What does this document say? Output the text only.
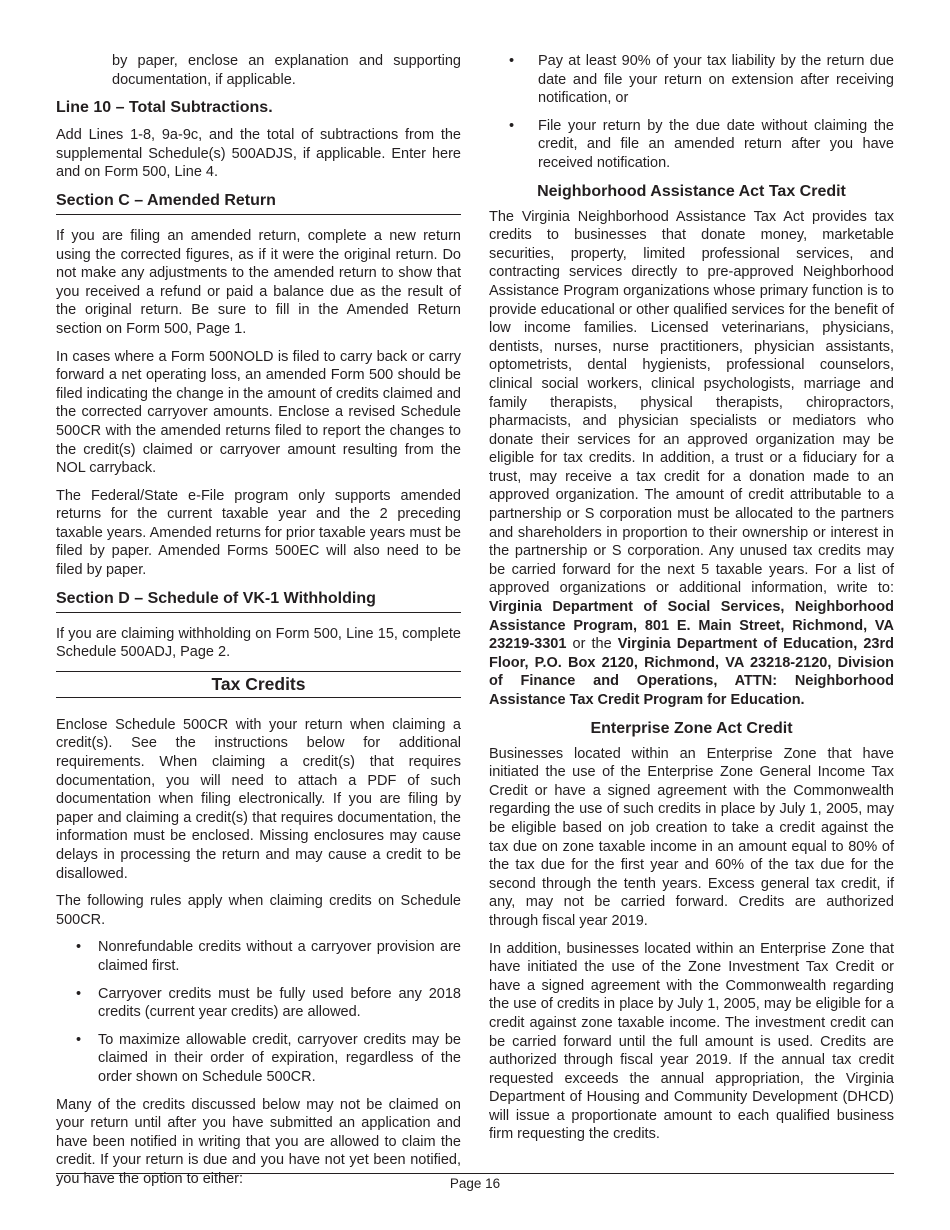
by paper, enclose an explanation and supporting documentation, if applicable.

Line 10 – Total Subtractions.

Add Lines 1-8, 9a-9c, and the total of subtractions from the supplemental Schedule(s) 500ADJS, if applicable. Enter here and on Form 500, Line 4.

Section C – Amended Return

If you are filing an amended return, complete a new return using the corrected figures, as if it were the original return. Do not make any adjustments to the amended return to show that you received a refund or paid a balance due as the result of the original return. Be sure to fill in the Amended Return section on Form 500, Page 1.

In cases where a Form 500NOLD is filed to carry back or carry forward a net operating loss, an amended Form 500 should be filed indicating the change in the amount of credits claimed and the corrected carryover amounts. Enclose a revised Schedule 500CR with the amended returns filed to report the changes to the credit(s) claimed or carryover amount resulting from the NOL carryback.

The Federal/State e-File program only supports amended returns for the current taxable year and the 2 preceding taxable years. Amended returns for prior taxable years must be filed by paper. Amended Forms 500EC will also need to be filed by paper.

Section D – Schedule of VK-1 Withholding

If you are claiming withholding on Form 500, Line 15, complete Schedule 500ADJ, Page 2.

Tax Credits

Enclose Schedule 500CR with your return when claiming a credit(s). See the instructions below for additional requirements. When claiming a credit(s) that requires documentation, you will need to attach a PDF of such documentation when filing electronically. If you are filing by paper and claiming a credit(s) that requires documentation, the information must be enclosed. Missing enclosures may cause delays in processing the return and may cause a credit to be disallowed.

The following rules apply when claiming credits on Schedule 500CR.

• Nonrefundable credits without a carryover provision are claimed first.
• Carryover credits must be fully used before any 2018 credits (current year credits) are allowed.
• To maximize allowable credit, carryover credits may be claimed in their order of expiration, regardless of the order shown on Schedule 500CR.

Many of the credits discussed below may not be claimed on your return until after you have submitted an application and have been notified in writing that you are allowed to claim the credit. If your return is due and you have not yet been notified, you have the option to either:

• Pay at least 90% of your tax liability by the return due date and file your return on extension after receiving notification, or
• File your return by the due date without claiming the credit, and file an amended return after you have received notification.
Neighborhood Assistance Act Tax Credit

The Virginia Neighborhood Assistance Tax Act provides tax credits to businesses that donate money, marketable securities, property, limited professional services, and contracting services directly to pre-approved Neighborhood Assistance Program organizations whose primary function is to provide educational or other qualified services for the benefit of low income families. Licensed veterinarians, physicians, dentists, nurses, nurse practitioners, physician assistants, optometrists, dental hygienists, professional counselors, clinical social workers, clinical psychologists, marriage and family therapists, physical therapists, chiropractors, pharmacists, and physician specialists or mediators who donate their services for an approved organization may be eligible for tax credits. In addition, a trust or a fiduciary for a trust, may receive a tax credit for a donation made to an approved organization. The amount of credit attributable to a partnership or S corporation must be allocated to the partners and shareholders in proportion to their ownership or interest in the partnership or S corporation. Any unused tax credits may be carried forward for the next 5 taxable years. For a list of approved organizations or additional information, write to: Virginia Department of Social Services, Neighborhood Assistance Program, 801 E. Main Street, Richmond, VA 23219-3301 or the Virginia Department of Education, 23rd Floor, P.O. Box 2120, Richmond, VA 23218-2120, Division of Finance and Operations, ATTN: Neighborhood Assistance Tax Credit Program for Education.

Enterprise Zone Act Credit

Businesses located within an Enterprise Zone that have initiated the use of the Enterprise Zone General Income Tax Credit or have a signed agreement with the Commonwealth regarding the use of such credits in place by July 1, 2005, may be eligible based on job creation to take a credit against the tax due on zone taxable income in an amount equal to 80% of the tax due for the first year and 60% of the tax due for the second through the tenth years. Excess general tax credit, if any, may not be carried forward. Credits are authorized through fiscal year 2019.

In addition, businesses located within an Enterprise Zone that have initiated the use of the Zone Investment Tax Credit or have a signed agreement with the Commonwealth regarding the use of credits in place by July 1, 2005, may be eligible for a credit against zone taxable income. The investment credit can be carried forward until the full amount is used. Credits are authorized through fiscal year 2019. If the annual tax credit requested exceeds the annual appropriation, the Virginia Department of Housing and Community Development (DHCD) will issue a proportionate amount to each qualified business firm requesting the credits.

Page 16
